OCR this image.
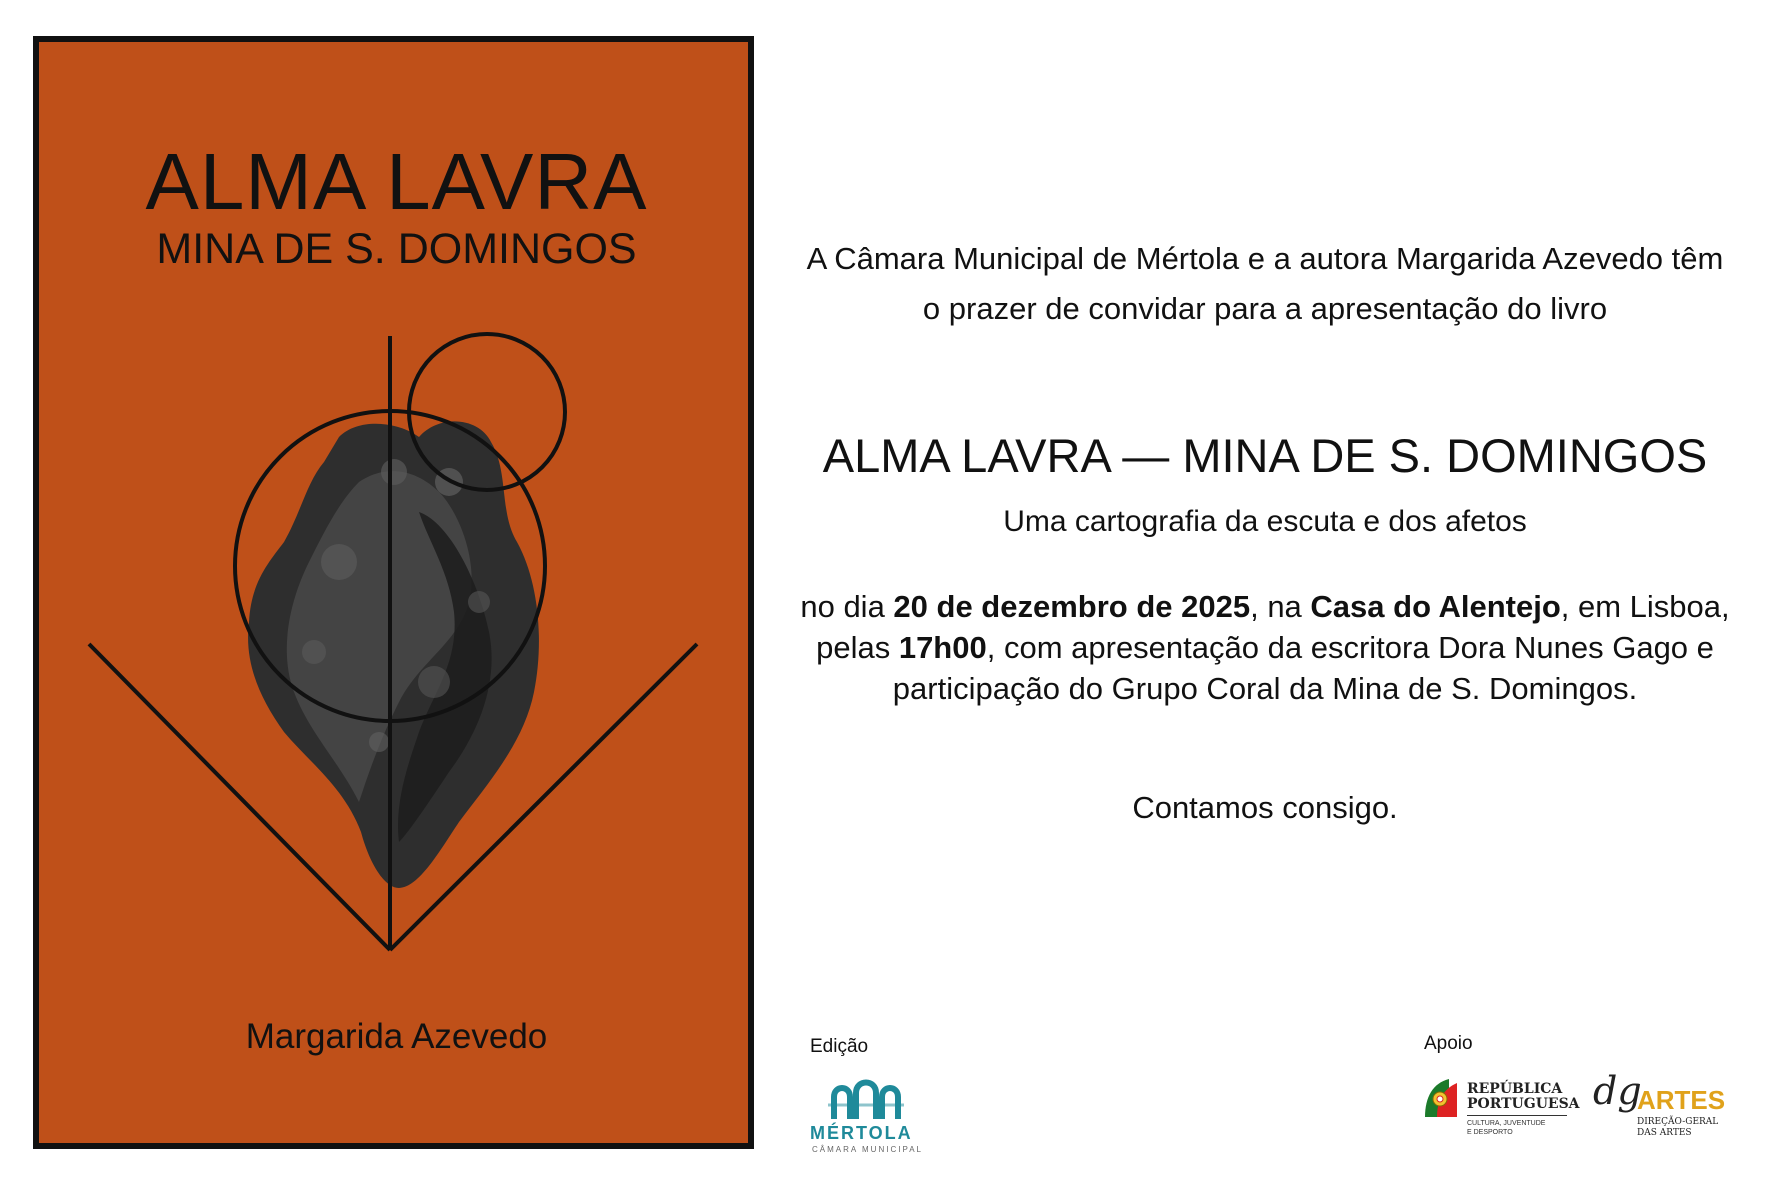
ALMA LAVRA
MINA DE S. DOMINGOS
Margarida Azevedo
A Câmara Municipal de Mértola e a autora Margarida Azevedo têm
o prazer de convidar para a apresentação do livro
ALMA LAVRA — MINA DE S. DOMINGOS
Uma cartografia da escuta e dos afetos
no dia 20 de dezembro de 2025, na Casa do Alentejo, em Lisboa, pelas 17h00, com apresentação da escritora Dora Nunes Gago e participação do Grupo Coral da Mina de S. Domingos.
Contamos consigo.
Edição
MÉRTOLA
CÂMARA MUNICIPAL
Apoio
REPÚBLICA
PORTUGUESA
CULTURA, JUVENTUDE
E DESPORTO
dg
ARTES
DIREÇÃO-GERAL
DAS ARTES
